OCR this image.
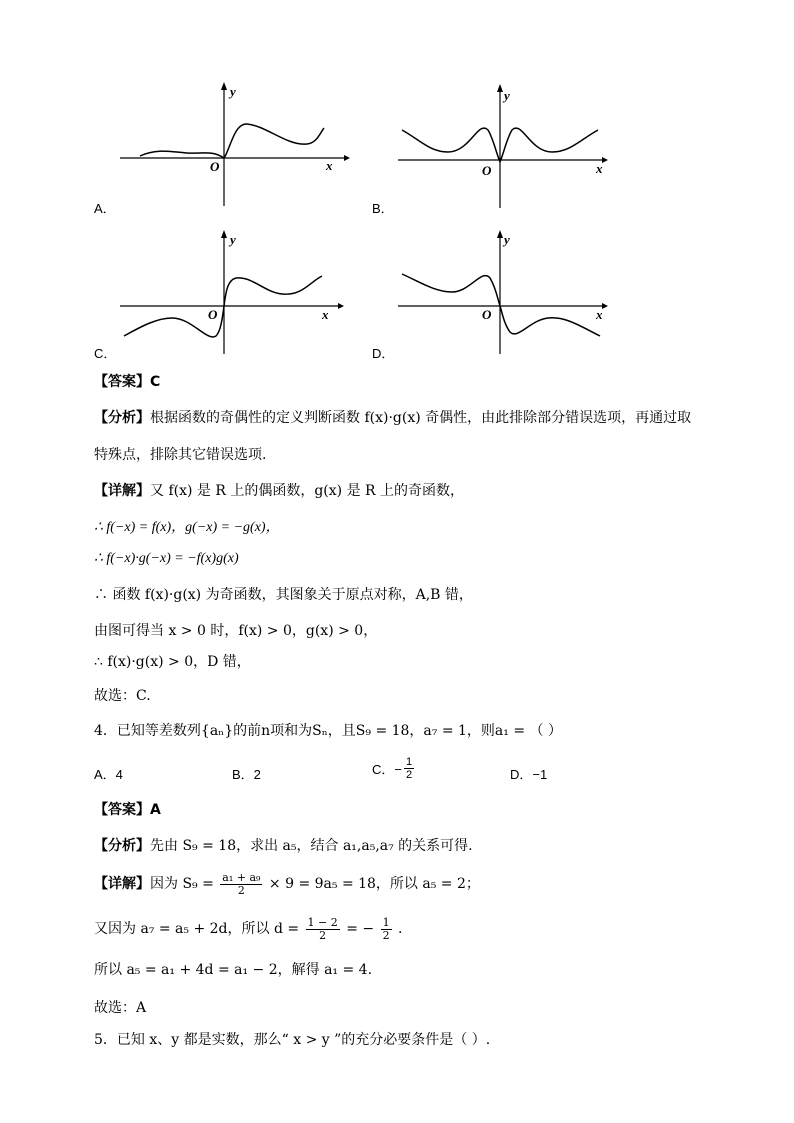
y
x
O
A．
y
x
O
B．
y
x
O
C．
y
x
O
D．
【答案】C
【分析】根据函数的奇偶性的定义判断函数 f(x)·g(x) 奇偶性，由此排除部分错误选项，再通过取
特殊点，排除其它错误选项.
【详解】又 f(x) 是 R 上的偶函数，g(x) 是 R 上的奇函数，
∴ f(−x) = f(x)，g(−x) = −g(x)，
∴ f(−x)·g(−x) = −f(x)g(x)
∴ 函数 f(x)·g(x) 为奇函数，其图象关于原点对称，A,B 错，
由图可得当 x > 0 时，f(x) > 0，g(x) > 0，
∴ f(x)·g(x) > 0，D 错，
故选：C.
4．已知等差数列{aₙ}的前n项和为Sₙ，且S₉ = 18，a₇ = 1，则a₁ = （ ）
A．4	B．2	C．− $\frac{1}{2}$	D．−1
【答案】A
【分析】先由 S₉ = 18，求出 a₅，结合 a₁,a₅,a₇ 的关系可得.
【详解】因为 $S_9 = \frac{\text{a₁ + a₉}}{2} \times 9 = 9a_5 = 18$，所以 a₅ = 2；
又因为 a₇ = a₅ + 2d，所以 $d = \frac{1 - 2}{2}$ = − $\frac{1}{2}$ .
所以 a₅ = a₁ + 4d = a₁ − 2，解得 a₁ = 4.
故选：A
5．已知 x、y 都是实数，那么“ x > y ”的充分必要条件是（ ）.
